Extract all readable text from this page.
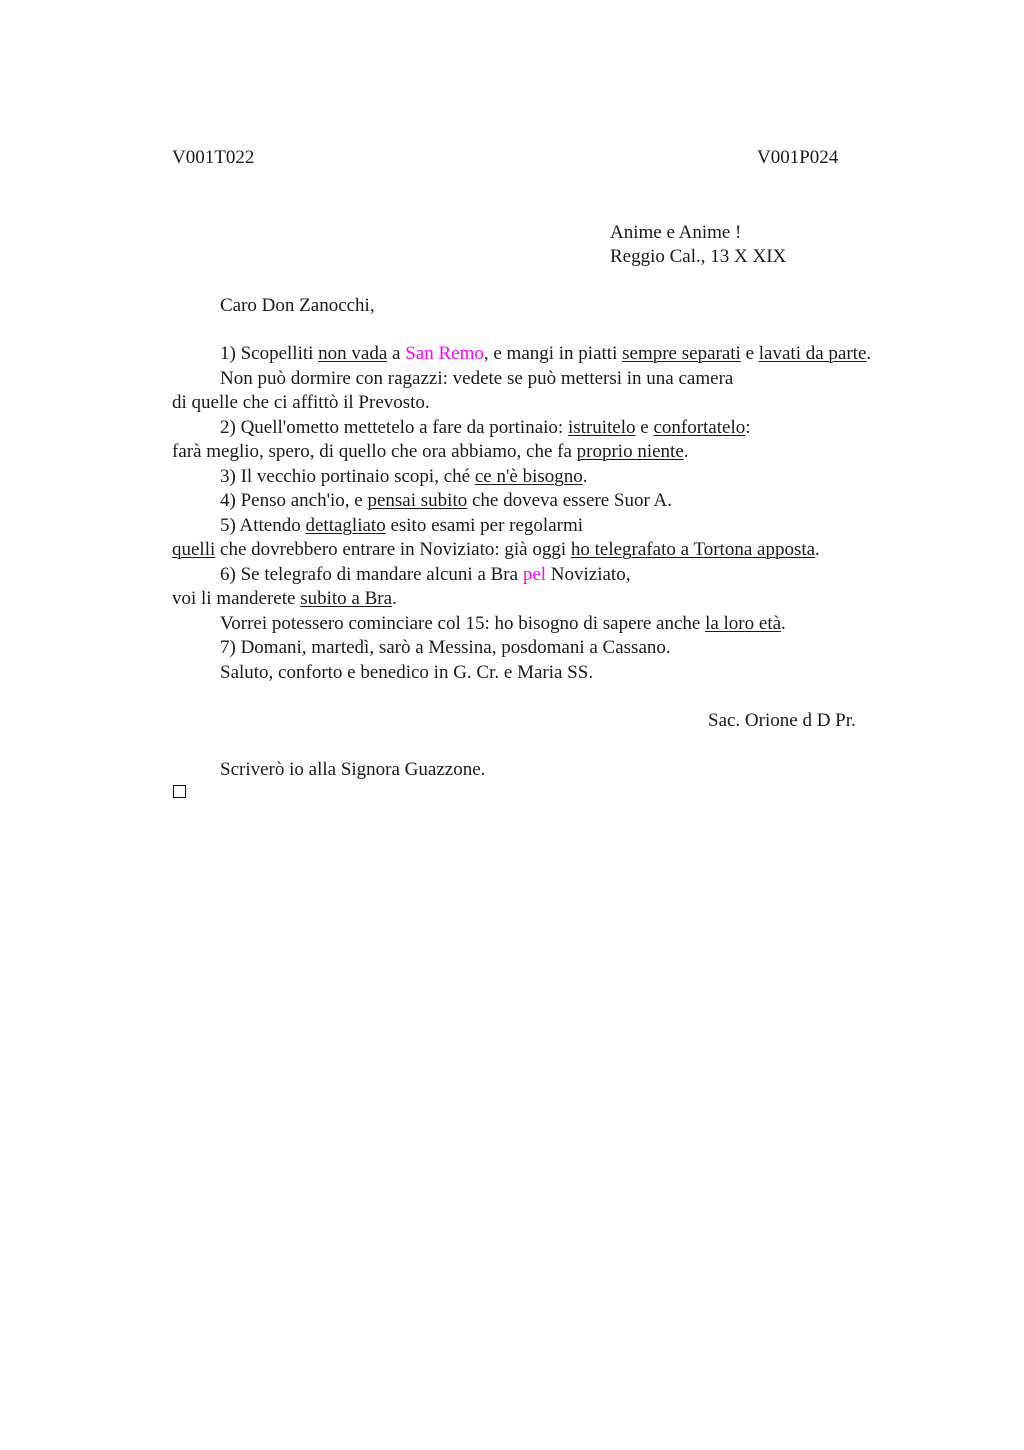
V001T022	V001P024
Anime e Anime !
Reggio Cal., 13 X XIX
Caro Don Zanocchi,
1) Scopelliti non vada a San Remo, e mangi in piatti sempre separati e lavati da parte.
Non può dormire con ragazzi: vedete se può mettersi in una camera
di quelle che ci affittò il Prevosto.
2) Quell'ometto mettetelo a fare da portinaio: istruitelo e confortatelo:
farà meglio, spero, di quello che ora abbiamo, che fa proprio niente.
3) Il vecchio portinaio scopi, ché ce n'è bisogno.
4) Penso anch'io, e pensai subito che doveva essere Suor A.
5) Attendo dettagliato esito esami per regolarmi
quelli che dovrebbero entrare in Noviziato: già oggi ho telegrafato a Tortona apposta.
6) Se telegrafo di mandare alcuni a Bra pel Noviziato,
voi li manderete subito a Bra.
Vorrei potessero cominciare col 15: ho bisogno di sapere anche la loro età.
7) Domani, martedì, sarò a Messina, posdomani a Cassano.
Saluto, conforto e benedico in G. Cr. e Maria SS.
Sac. Orione d D Pr.
Scriverò io alla Signora Guazzone.
